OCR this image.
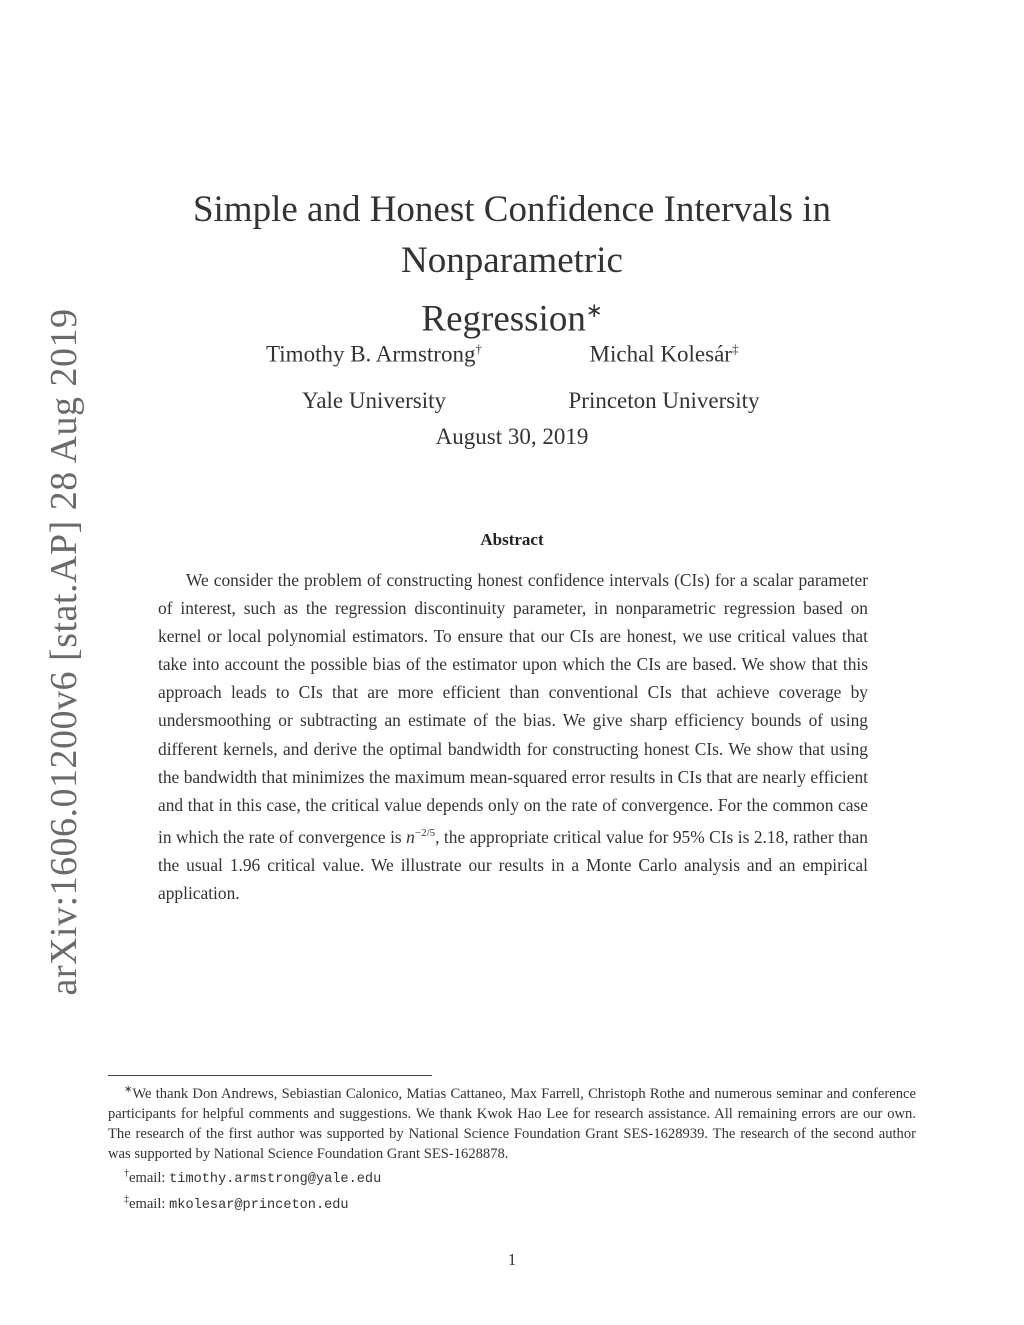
arXiv:1606.01200v6 [stat.AP] 28 Aug 2019
Simple and Honest Confidence Intervals in Nonparametric
Regression∗
Timothy B. Armstrong†
Yale University
Michal Kolesár‡
Princeton University
August 30, 2019
Abstract
We consider the problem of constructing honest confidence intervals (CIs) for a scalar parameter of interest, such as the regression discontinuity parameter, in nonparametric regression based on kernel or local polynomial estimators. To ensure that our CIs are honest, we use critical values that take into account the possible bias of the estimator upon which the CIs are based. We show that this approach leads to CIs that are more efficient than conventional CIs that achieve coverage by undersmoothing or subtracting an estimate of the bias. We give sharp efficiency bounds of using different kernels, and derive the optimal bandwidth for constructing honest CIs. We show that using the bandwidth that minimizes the maximum mean-squared error results in CIs that are nearly efficient and that in this case, the critical value depends only on the rate of convergence. For the common case in which the rate of convergence is $n^{-2/5}$, the appropriate critical value for 95% CIs is 2.18, rather than the usual 1.96 critical value. We illustrate our results in a Monte Carlo analysis and an empirical application.

∗We thank Don Andrews, Sebiastian Calonico, Matias Cattaneo, Max Farrell, Christoph Rothe and numerous seminar and conference participants for helpful comments and suggestions. We thank Kwok Hao Lee for research assistance. All remaining errors are our own. The research of the first author was supported by National Science Foundation Grant SES-1628939. The research of the second author was supported by National Science Foundation Grant SES-1628878.

†email: timothy.armstrong@yale.edu

‡email: mkolesar@princeton.edu

1
